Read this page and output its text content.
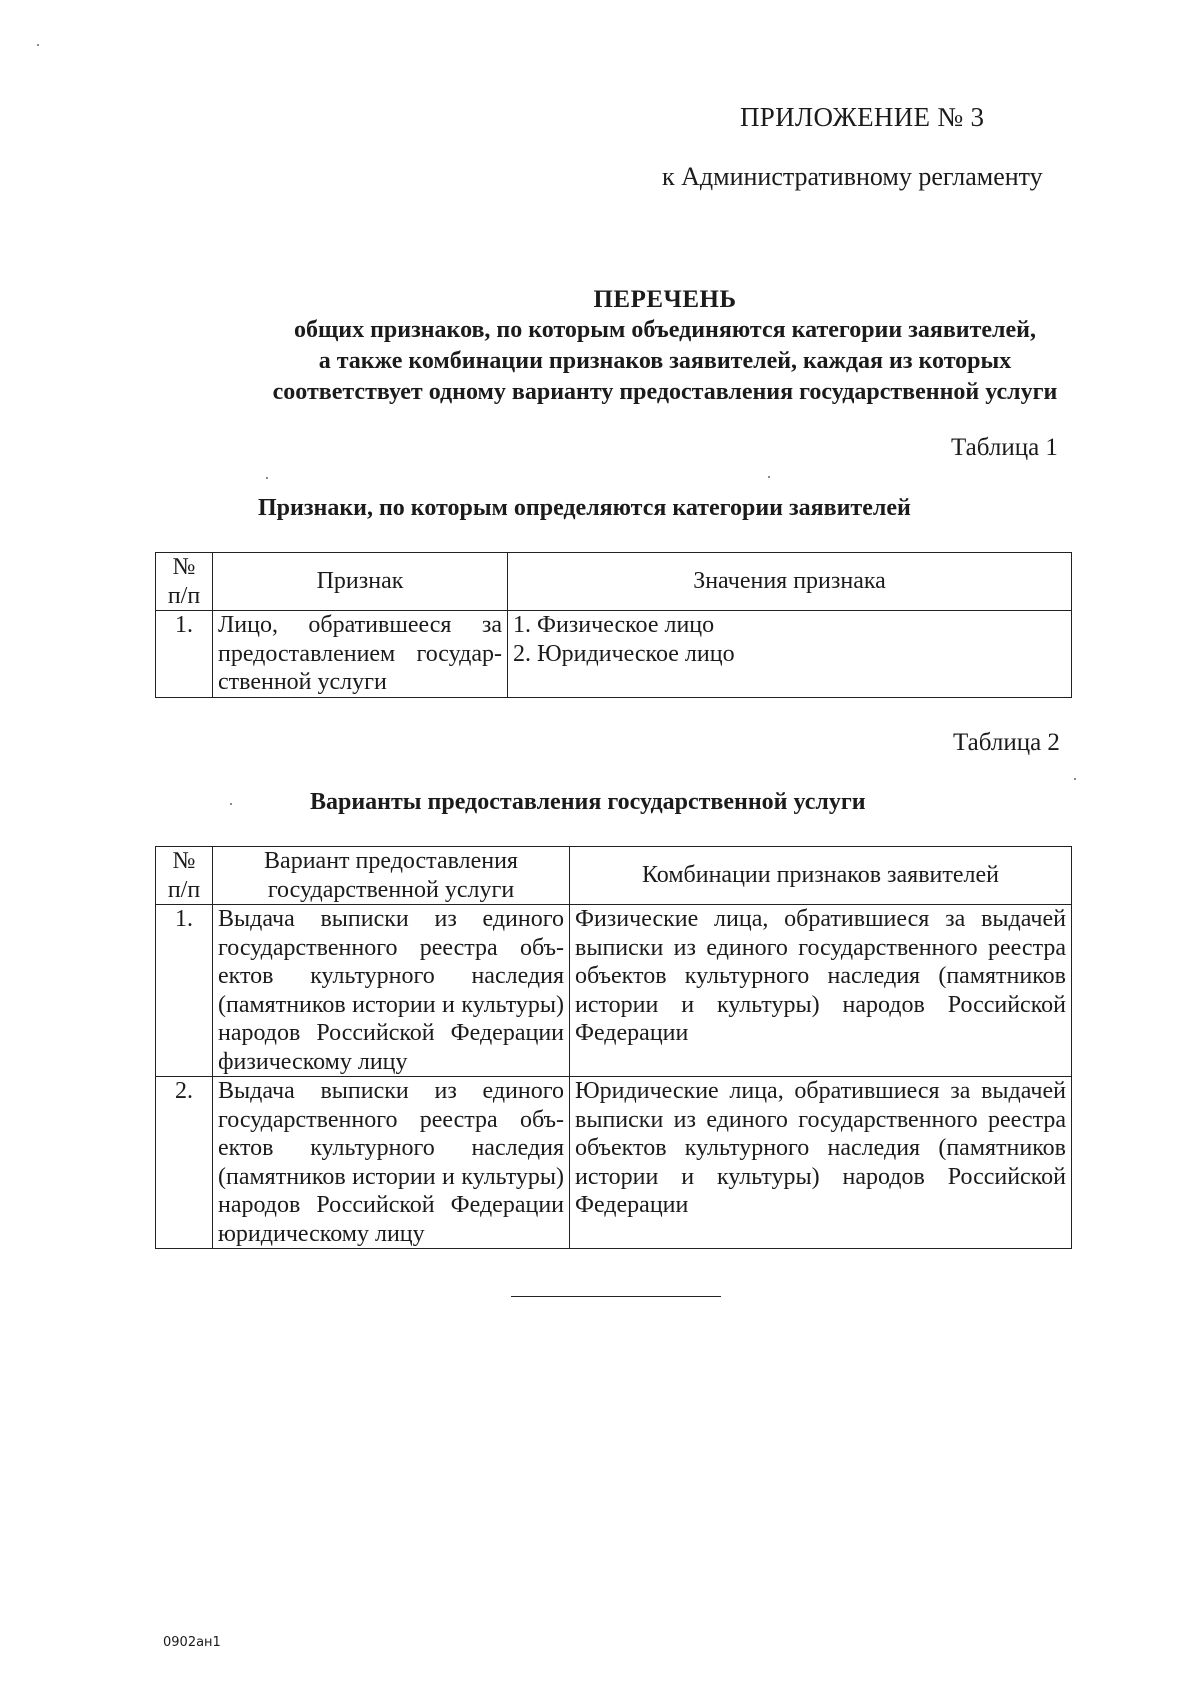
ПРИЛОЖЕНИЕ № 3
к Административному регламенту
ПЕРЕЧЕНЬ
общих признаков, по которым объединяются категории заявителей,
а также комбинации признаков заявителей, каждая из которых
соответствует одному варианту предоставления государственной услуги
Таблица 1
Признаки, по которым определяются категории заявителей
№ п/п	Признак	Значения признака
1.	Лицо, обратившееся за предоставлением государственной услуги	1. Физическое лицо
2. Юридическое лицо
Таблица 2
Варианты предоставления государственной услуги
№ п/п	Вариант предоставления государственной услуги	Комбинации признаков заявителей
1.	Выдача выписки из единого государственного реестра объектов культурного наследия (памятников истории и культуры) народов Российской Федерации физическому лицу	Физические лица, обратившиеся за выдачей выписки из единого государственного реестра объектов культурного наследия (памятников истории и культуры) народов Российской Федерации
2.	Выдача выписки из единого государственного реестра объектов культурного наследия (памятников истории и культуры) народов Российской Федерации юридическому лицу	Юридические лица, обратившиеся за выдачей выписки из единого государственного реестра объектов культурного наследия (памятников истории и культуры) народов Российской Федерации
0902ан1
